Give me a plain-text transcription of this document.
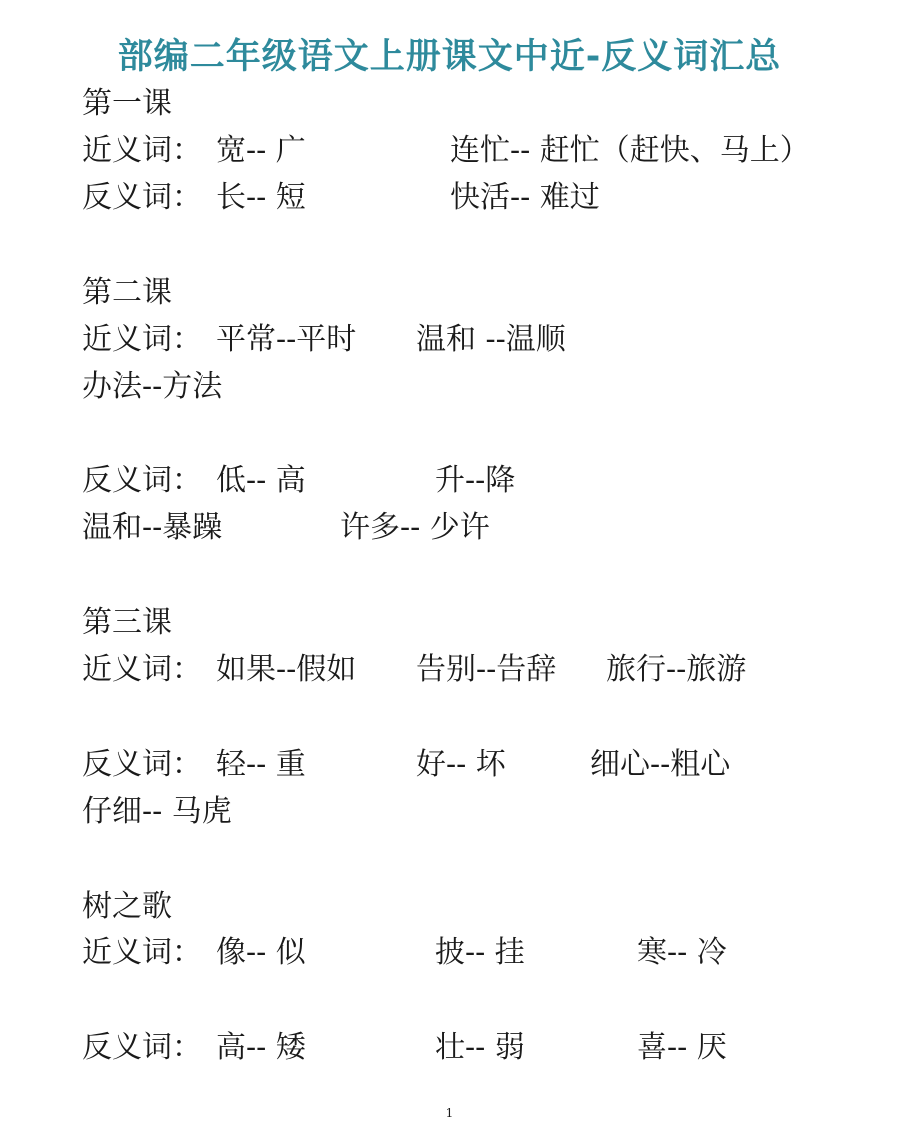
部编二年级语文上册课文中近-反义词汇总
第一课
近义词： 宽-- 广	连忙-- 赶忙（赶快、马上）
反义词： 长-- 短	快活-- 难过
第二课
近义词： 平常--平时 温和 --温顺
办法--方法
反义词： 低-- 高	升--降
温和--暴躁	许多-- 少许
第三课
近义词： 如果--假如 告别--告辞 旅行--旅游
反义词： 轻-- 重	好-- 坏	细心--粗心
仔细-- 马虎
树之歌
近义词： 像-- 似	披-- 挂	寒-- 冷
反义词： 高-- 矮	壮-- 弱	喜-- 厌
1
